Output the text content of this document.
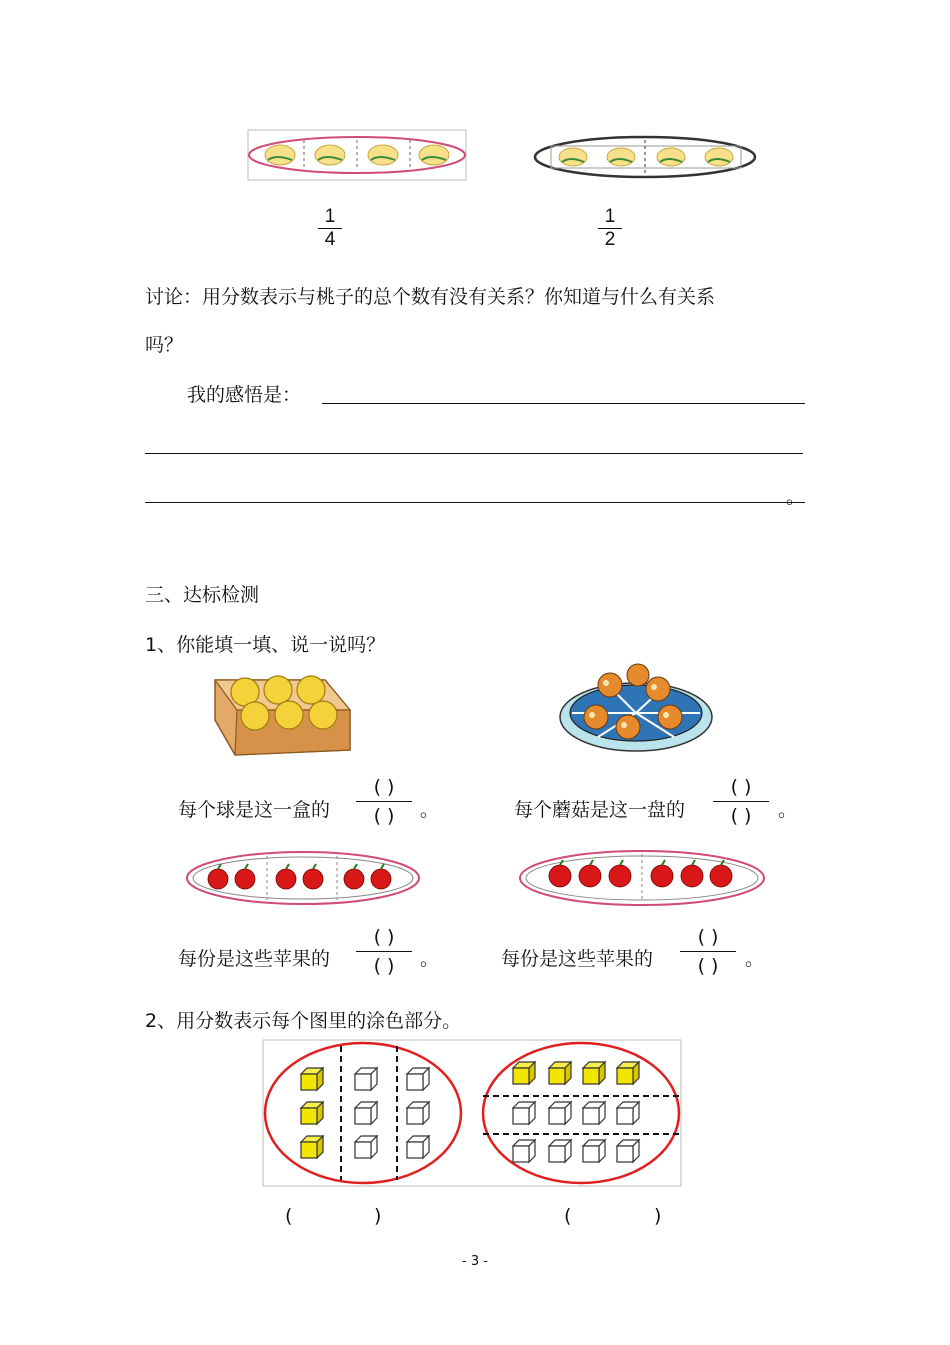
1
4
1
2
讨论：用分数表示与桃子的总个数有没有关系？你知道与什么有关系
吗？
我的感悟是：
。
三、达标检测
1、你能填一填、说一说吗？
每个球是这一盒的
( )
( )	。	每个蘑菇是这一盘的
( )
( )	。
每份是这些苹果的
( )
( )	。	每份是这些苹果的
( )
( )	。
2、用分数表示每个图里的涂色部分。
(	)	(	)
- 3 -
